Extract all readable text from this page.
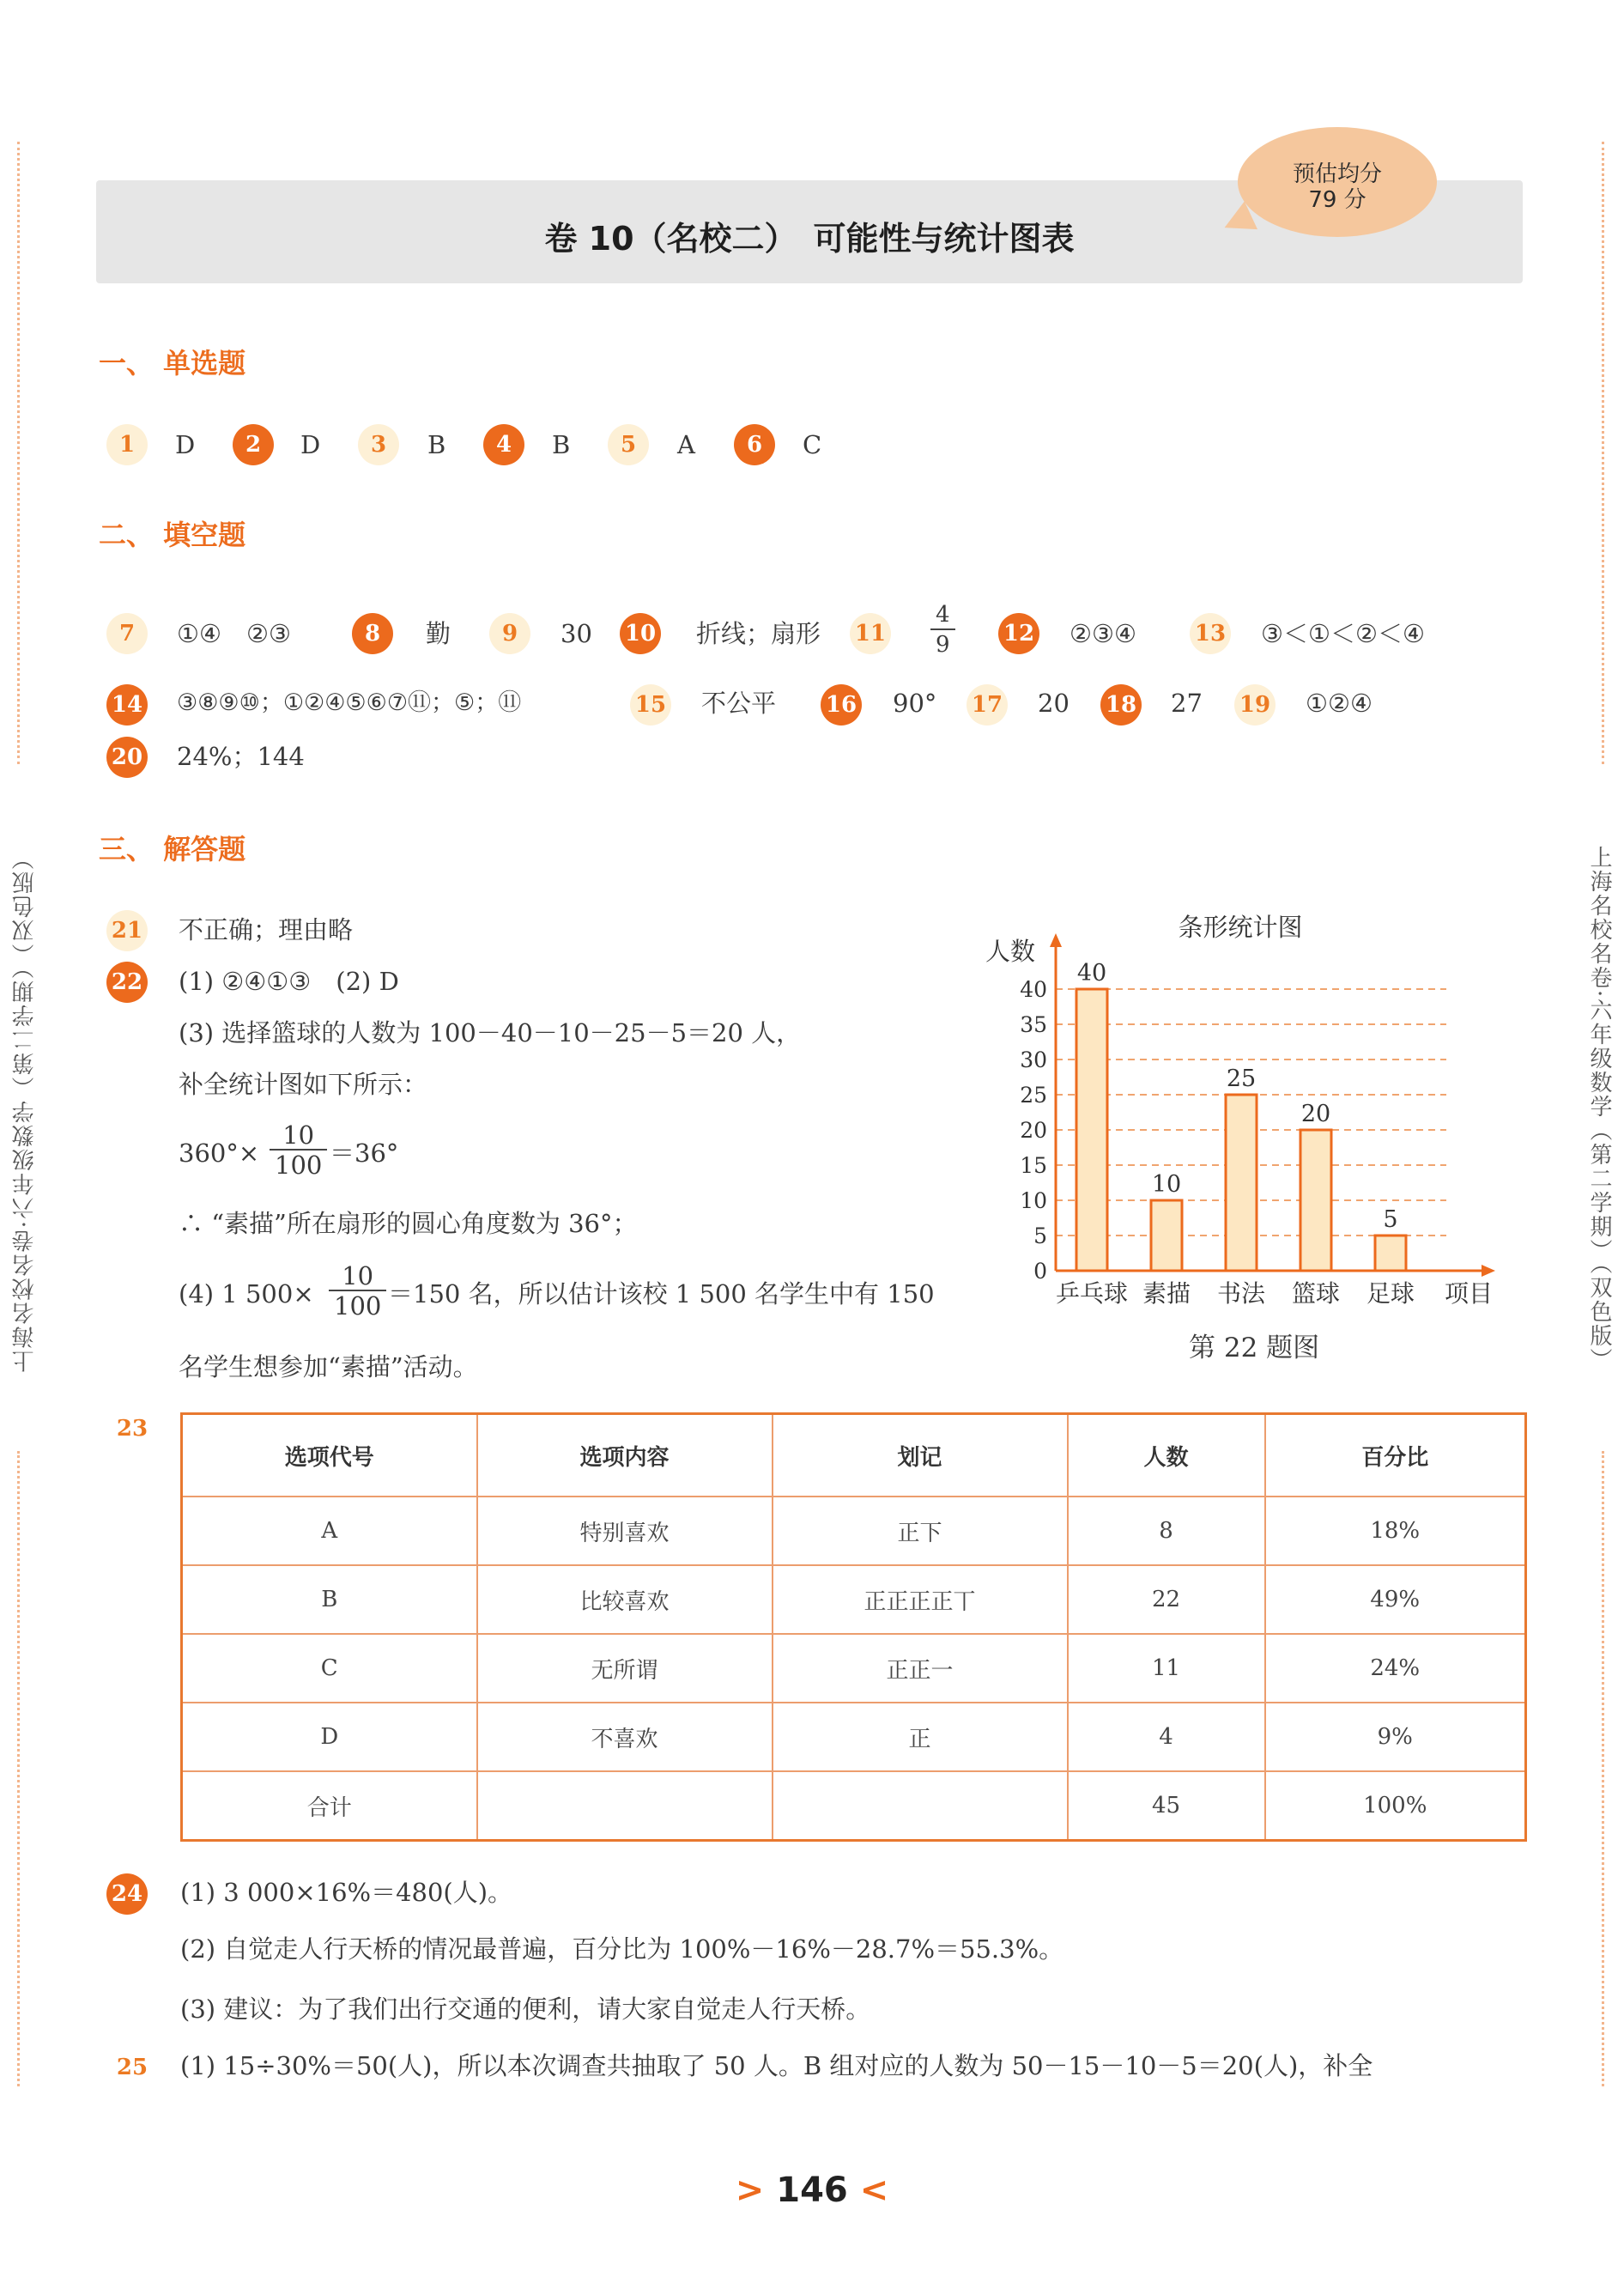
上海名校名卷·六年级数学（第二学期）（双色版）	上海名校名卷·六年级数学（第二学期）（双色版）
卷 10（名校二）　可能性与统计图表
预估均分
79 分
一、 单选题
1	D	2	D	3	B	4	B	5	A	6	C
二、 填空题
7	①④　②③	8	勤	9	30 10 折线；扇形 $11 \frac{4}{9} 12$ ②③④	13 ③＜①＜②＜④
14 ③⑧⑨⑩；①②④⑤⑥⑦⑪；⑤；⑪	15 不公平 16 90° 17 20 18 27 19 ①②④
20 24%；144
三、 解答题
21 不正确；理由略
22 (1) ②④①③　(2) D
(3) 选择篮球的人数为 100－40－10－25－5＝20 人，
补全统计图如下所示：
$360^\circ\times \frac{10}{100} =36^\circ$
∴ “素描”所在扇形的圆心角度数为 36°；
(4) 1 $500\times \frac{10}{100} =150$ 名，所以估计该校 1 500 名学生中有 150
名学生想参加“素描”活动。
条形统计图
人数
0
5
10
15
20
25
30
35
40
40
乒乓球
10
素描
25
书法
20
篮球
5
足球 项目
第 22 题图
23
选项代号	选项内容	划记	人数	百分比
A	特别喜欢	正下	8	18%
B	比较喜欢	正正正正丅	22	49%
C	无所谓	正正一	11	24%
D	不喜欢	正	4	9%
合计			45	100%
24 (1) 3 000×16%＝480(人)。
(2) 自觉走人行天桥的情况最普遍，百分比为 100%－16%－28.7%＝55.3%。
(3) 建议：为了我们出行交通的便利，请大家自觉走人行天桥。
25 (1) 15÷30%＝50(人)，所以本次调查共抽取了 50 人。B 组对应的人数为 50－15－10－5＝20(人)，补全
> 146 <
